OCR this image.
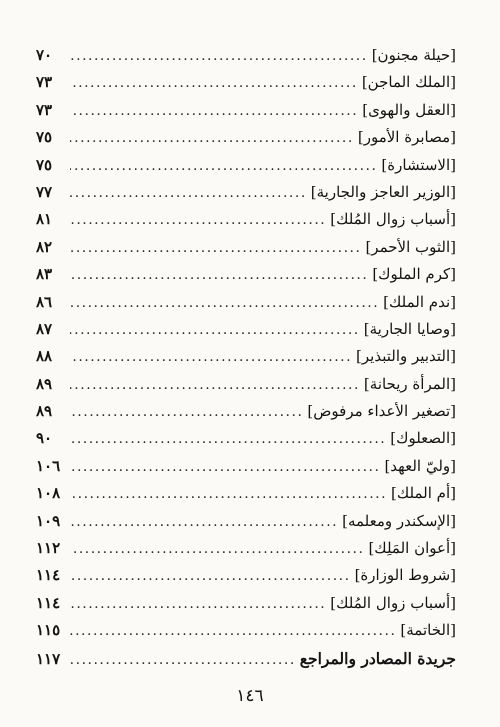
[حيلة مجنون]
.....
٧٠
[الملك الماجن]
.....
٧٣
[العقل والهوى]
.....
٧٣
[مصابرة الأمور]
.....
٧٥
[الاستشارة]
.....
٧٥
[الوزير العاجز والجارية]
.....
٧٧
[أسباب زوال المُلك]
.....
٨١
[الثوب الأحمر]
.....
٨٢
[كرم الملوك]
.....
٨٣
[ندم الملك]
.....
٨٦
[وصايا الجارية]
.....
٨٧
[التدبير والتبذير]
.....
٨٨
[المرأة ريحانة]
.....
٨٩
[تصغير الأعداء مرفوض]
.....
٨٩
[الصعلوك]
.....
٩٠
[وليّ العهد]
.....
١٠٦
[أم الملك]
.....
١٠٨
[الإسكندر ومعلمه]
.....
١٠٩
[أعوان المَلِك]
.....
١١٢
[شروط الوزارة]
.....
١١٤
[أسباب زوال المُلك]
.....
١١٤
[الخاتمة]
.....
١١٥
جريدة المصادر والمراجع
.....
١١٧
١٤٦
